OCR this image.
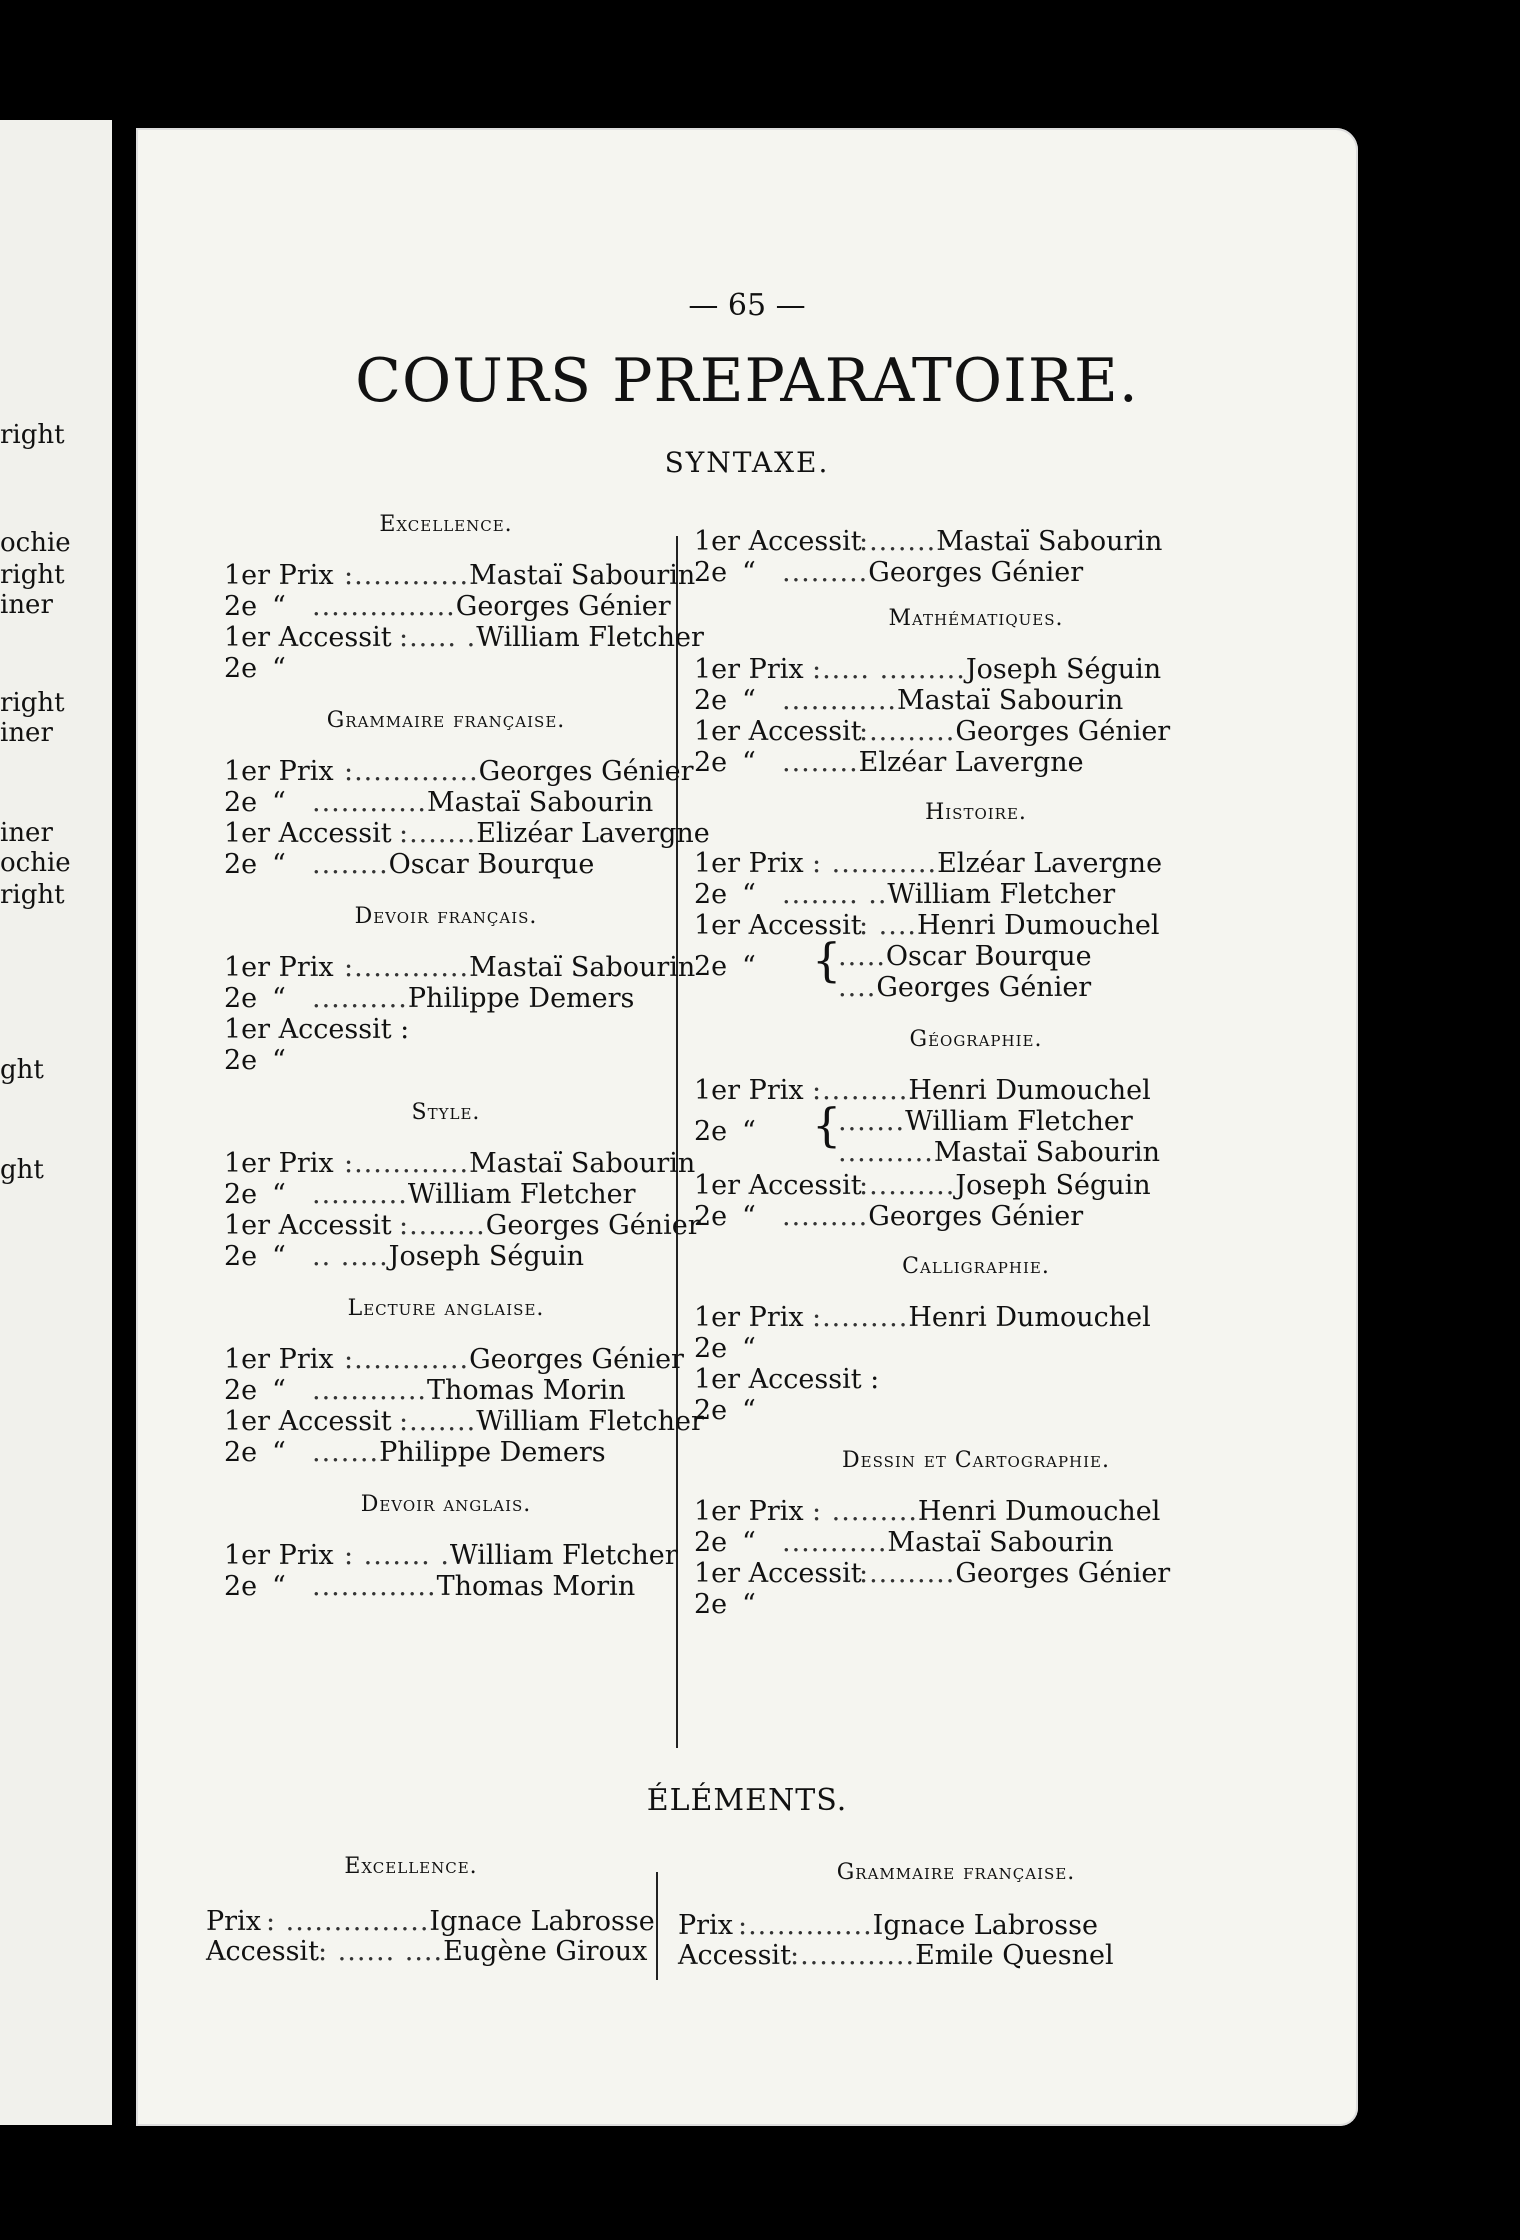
right
ochie
right
iner
right
iner
iner
ochie
right
ght
ght
— 65 —
COURS PREPARATOIRE.
SYNTAXE.
Excellence.
1er Prix :............Mastaï Sabourin
2e “ ...............Georges Génier
1er Accessit :..... .William Fletcher
2e “
Grammaire française.
1er Prix :.............Georges Génier
2e “ ............Mastaï Sabourin
1er Accessit :.......Elizéar Lavergne
2e “ ........Oscar Bourque
Devoir français.
1er Prix :............Mastaï Sabourin
2e “ ..........Philippe Demers
1er Accessit :
2e “
Style.
1er Prix :............Mastaï Sabourin
2e “ ..........William Fletcher
1er Accessit :........Georges Génier
2e “ .. .....Joseph Séguin
Lecture anglaise.
1er Prix :............Georges Génier
2e “ ............Thomas Morin
1er Accessit :.......William Fletcher
2e “ .......Philippe Demers
Devoir anglais.
1er Prix : ....... .William Fletcher
2e “ .............Thomas Morin
1er Accessit:.......Mastaï Sabourin
2e “ .........Georges Génier
Mathématiques.
1er Prix :..... .........Joseph Séguin
2e “ ............Mastaï Sabourin
1er Accessit:.........Georges Génier
2e “ ........Elzéar Lavergne
Histoire.
1er Prix : ...........Elzéar Lavergne
2e “ ........ ..William Fletcher
1er Accessit: ....Henri Dumouchel
2e “	{
.....Oscar Bourque
....Georges Génier
Géographie.
1er Prix :.........Henri Dumouchel
2e “	{
.......William Fletcher
..........Mastaï Sabourin
1er Accessit:.........Joseph Séguin
2e “ .........Georges Génier
Calligraphie.
1er Prix :.........Henri Dumouchel
2e “
1er Accessit :
2e “
Dessin et Cartographie.
1er Prix : .........Henri Dumouchel
2e “ ...........Mastaï Sabourin
1er Accessit:.........Georges Génier
2e “
ÉLÉMENTS.
Excellence.
Prix : ...............Ignace Labrosse
Accessit: ...... ....Eugène Giroux
Grammaire française.
Prix :.............Ignace Labrosse
Accessit:............Emile Quesnel
